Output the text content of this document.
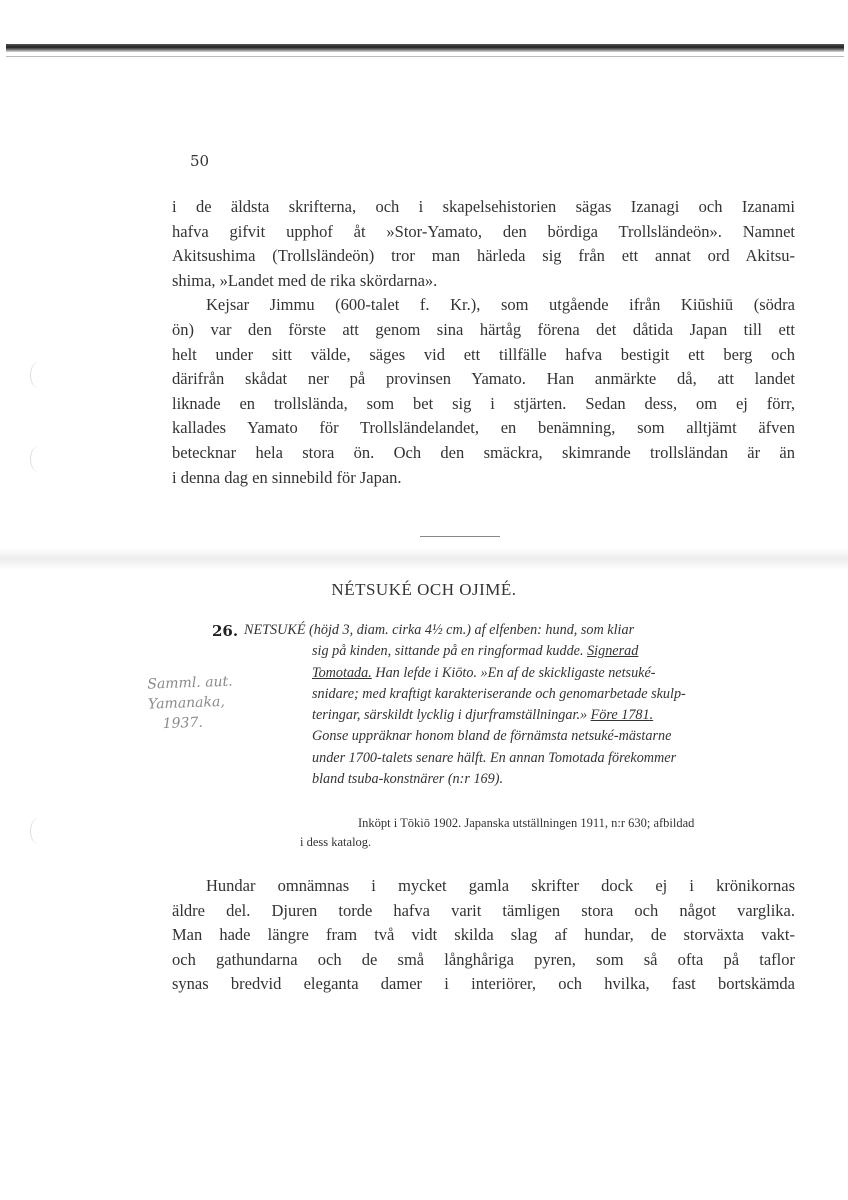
50
i de äldsta skrifterna, och i skapelsehistorien sägas Izanagi och Izanami
hafva gifvit upphof åt »Stor-Yamato, den bördiga Trollsländeön». Namnet
Akitsushima (Trollsländeön) tror man härleda sig från ett annat ord Akitsu-
shima, »Landet med de rika skördarna».
Kejsar Jimmu (600-talet f. Kr.), som utgående ifrån Kiūshiū (södra
ön) var den förste att genom sina härtåg förena det dåtida Japan till ett
helt under sitt välde, säges vid ett tillfälle hafva bestigit ett berg och
därifrån skådat ner på provinsen Yamato. Han anmärkte då, att landet
liknade en trollslända, som bet sig i stjärten. Sedan dess, om ej förr,
kallades Yamato för Trollsländelandet, en benämning, som alltjämt äfven
betecknar hela stora ön. Och den smäckra, skimrande trollsländan är än
i denna dag en sinnebild för Japan.
NÉTSUKÉ OCH OJIMÉ.
26. NETSUKÉ (höjd 3, diam. cirka 4½ cm.) af elfenben: hund, som kliar
sig på kinden, sittande på en ringformad kudde. Signerad
Tomotada. Han lefde i Kiōto. »En af de skickligaste netsuké-
snidare; med kraftigt karakteriserande och genomarbetade skulp-
teringar, särskildt lycklig i djurframställningar.» Före 1781.
Gonse uppräknar honom bland de förnämsta netsuké-mästarne
under 1700-talets senare hälft. En annan Tomotada förekommer
bland tsuba-konstnärer (n:r 169).
Samml. aut.
Yamanaka,
1937.
Inköpt i Tōkiō 1902. Japanska utställningen 1911, n:r 630; afbildad
i dess katalog.
Hundar omnämnas i mycket gamla skrifter dock ej i krönikornas
äldre del. Djuren torde hafva varit tämligen stora och något varglika.
Man hade längre fram två vidt skilda slag af hundar, de storväxta vakt-
och gathundarna och de små långhåriga pyren, som så ofta på taflor
synas bredvid eleganta damer i interiörer, och hvilka, fast bortskämda
